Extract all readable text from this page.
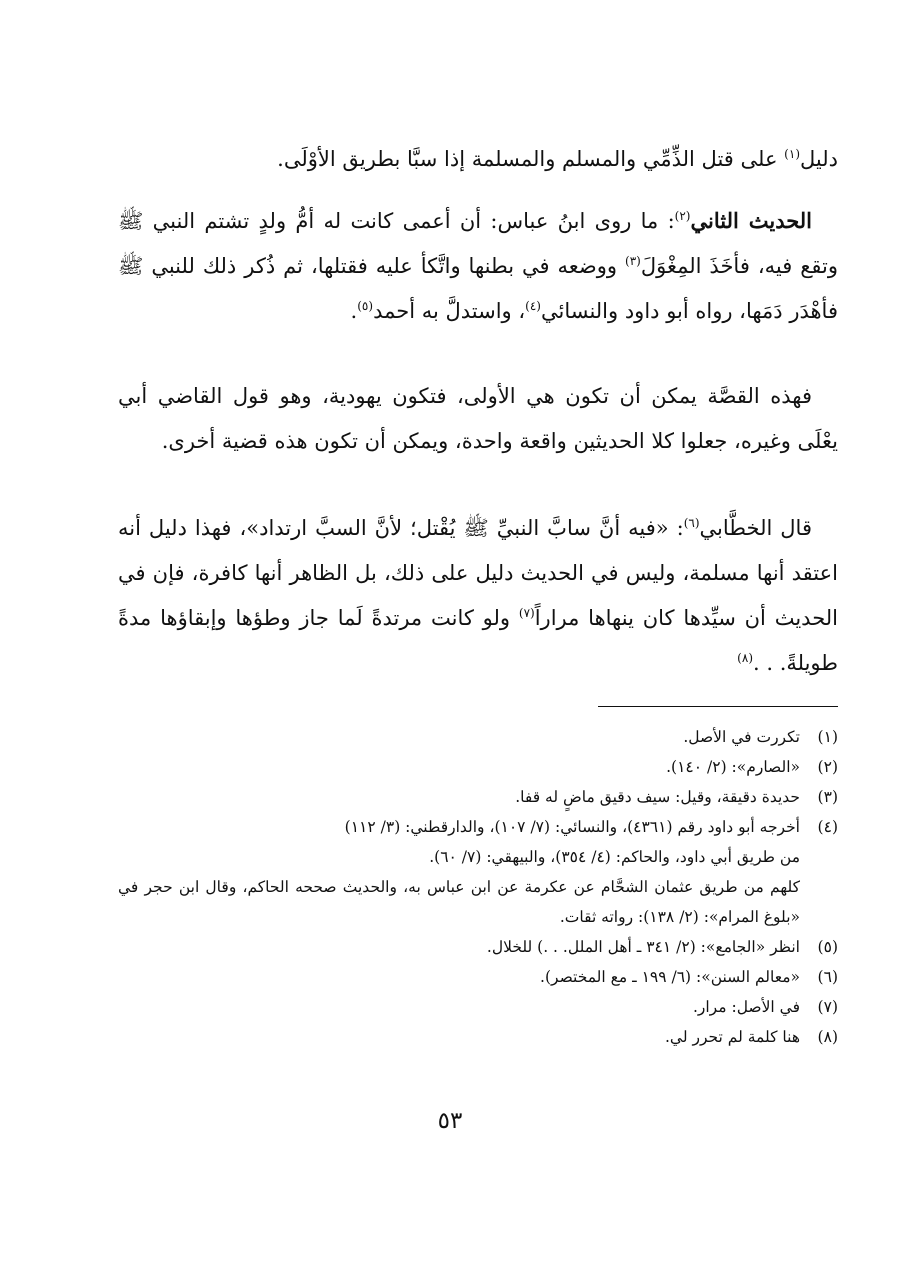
دليل$^{(١)}$ على قتل الذِّمِّي والمسلم والمسلمة إذا سبَّا بطريق الأوْلَى.

الحديث الثاني$^{(٢)}$: ما روى ابنُ عباس: أن أعمى كانت له أمُّ ولدٍ تشتم النبي ﷺ وتقع فيه، فأخَذَ المِغْوَلَ$^{(٣)}$ ووضعه في بطنها واتَّكأ عليه فقتلها، ثم ذُكر ذلك للنبي ﷺ فأهْدَر دَمَها، رواه أبو داود والنسائي$^{(٤)}$، واستدلَّ به أحمد$^{(٥)}$.

فهذه القصَّة يمكن أن تكون هي الأولى، فتكون يهودية، وهو قول القاضي أبي يعْلَى وغيره، جعلوا كلا الحديثين واقعة واحدة، ويمكن أن تكون هذه قضية أخرى.

قال الخطَّابي$^{(٦)}$: «فيه أنَّ سابَّ النبيِّ ﷺ يُقْتل؛ لأنَّ السبَّ ارتداد»، فهذا دليل أنه اعتقد أنها مسلمة، وليس في الحديث دليل على ذلك، بل الظاهر أنها كافرة، فإن في الحديث أن سيِّدها كان ينهاها مراراً$^{(٧)}$ ولو كانت مرتدةً لَما جاز وطؤها وإبقاؤها مدةً طويلةً. . .$^{(٨)}$

(١)
تكررت في الأصل.
(٢)
«الصارم»: (٢/ ١٤٠).
(٣)
حديدة دقيقة، وقيل: سيف دقيق ماضٍ له قفا.
(٤)
أخرجه أبو داود رقم (٤٣٦١)، والنسائي: (٧/ ١٠٧)، والدارقطني: (٣/ ١١٢)
من طريق أبي داود، والحاكم: (٤/ ٣٥٤)، والبيهقي: (٧/ ٦٠).
كلهم من طريق عثمان الشحَّام عن عكرمة عن ابن عباس به، والحديث صححه الحاكم، وقال ابن حجر في «بلوغ المرام»: (٢/ ١٣٨): رواته ثقات.
(٥)
انظر «الجامع»: (٢/ ٣٤١ ـ أهل الملل. . .) للخلال.
(٦)
«معالم السنن»: (٦/ ١٩٩ ـ مع المختصر).
(٧)
في الأصل: مرار.
(٨)
هنا كلمة لم تحرر لي.
٥٣
